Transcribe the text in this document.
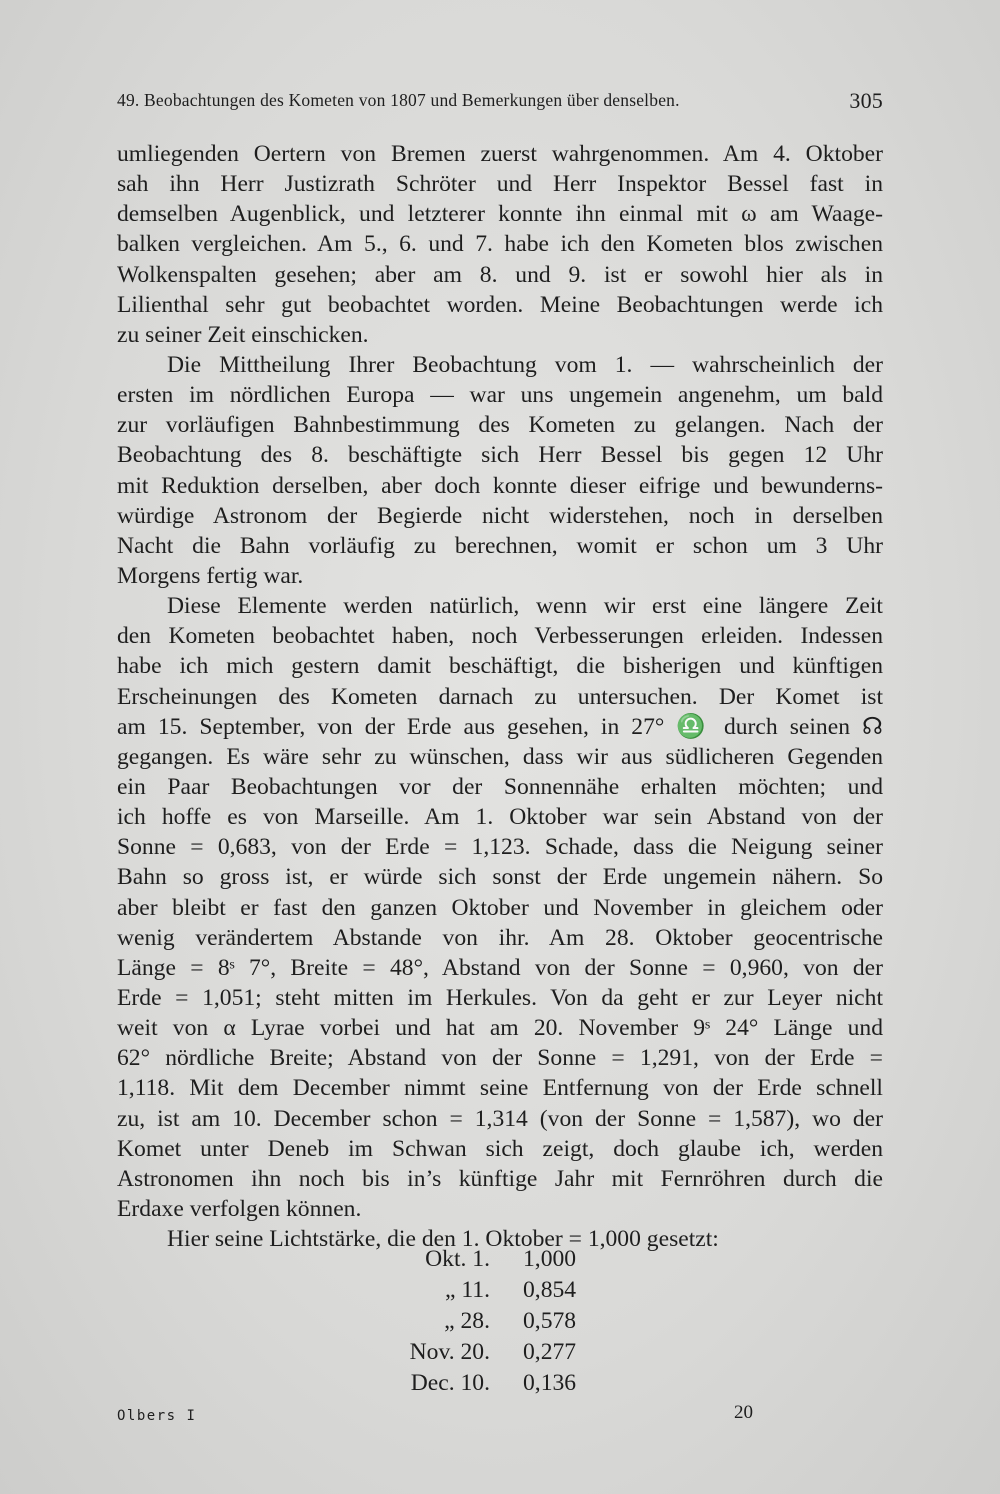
49. Beobachtungen des Kometen von 1807 und Bemerkungen über denselben.	305
umliegenden Oertern von Bremen zuerst wahrgenommen. Am 4. Oktober
sah ihn Herr Justizrath Schröter und Herr Inspektor Bessel fast in
demselben Augenblick, und letzterer konnte ihn einmal mit ω am Waage-
balken vergleichen. Am 5., 6. und 7. habe ich den Kometen blos zwischen
Wolkenspalten gesehen; aber am 8. und 9. ist er sowohl hier als in
Lilienthal sehr gut beobachtet worden. Meine Beobachtungen werde ich
zu seiner Zeit einschicken.
Die Mittheilung Ihrer Beobachtung vom 1. — wahrscheinlich der
ersten im nördlichen Europa — war uns ungemein angenehm, um bald
zur vorläufigen Bahnbestimmung des Kometen zu gelangen. Nach der
Beobachtung des 8. beschäftigte sich Herr Bessel bis gegen 12 Uhr
mit Reduktion derselben, aber doch konnte dieser eifrige und bewunderns-
würdige Astronom der Begierde nicht widerstehen, noch in derselben
Nacht die Bahn vorläufig zu berechnen, womit er schon um 3 Uhr
Morgens fertig war.
Diese Elemente werden natürlich, wenn wir erst eine längere Zeit
den Kometen beobachtet haben, noch Verbesserungen erleiden. Indessen
habe ich mich gestern damit beschäftigt, die bisherigen und künftigen
Erscheinungen des Kometen darnach zu untersuchen. Der Komet ist
am 15. September, von der Erde aus gesehen, in 27° ♎ durch seinen ☊
gegangen. Es wäre sehr zu wünschen, dass wir aus südlicheren Gegenden
ein Paar Beobachtungen vor der Sonnennähe erhalten möchten; und
ich hoffe es von Marseille. Am 1. Oktober war sein Abstand von der
Sonne = 0,683, von der Erde = 1,123. Schade, dass die Neigung seiner
Bahn so gross ist, er würde sich sonst der Erde ungemein nähern. So
aber bleibt er fast den ganzen Oktober und November in gleichem oder
wenig verändertem Abstande von ihr. Am 28. Oktober geocentrische
Länge = 8ˢ 7°, Breite = 48°, Abstand von der Sonne = 0,960, von der
Erde = 1,051; steht mitten im Herkules. Von da geht er zur Leyer nicht
weit von α Lyrae vorbei und hat am 20. November 9ˢ 24° Länge und
62° nördliche Breite; Abstand von der Sonne = 1,291, von der Erde =
1,118. Mit dem December nimmt seine Entfernung von der Erde schnell
zu, ist am 10. December schon = 1,314 (von der Sonne = 1,587), wo der
Komet unter Deneb im Schwan sich zeigt, doch glaube ich, werden
Astronomen ihn noch bis in’s künftige Jahr mit Fernröhren durch die
Erdaxe verfolgen können.
Hier seine Lichtstärke, die den 1. Oktober = 1,000 gesetzt:
Okt. 1. 1,000
„ 11. 0,854
„ 28. 0,578
Nov. 20. 0,277
Dec. 10. 0,136
Olbers I	20
